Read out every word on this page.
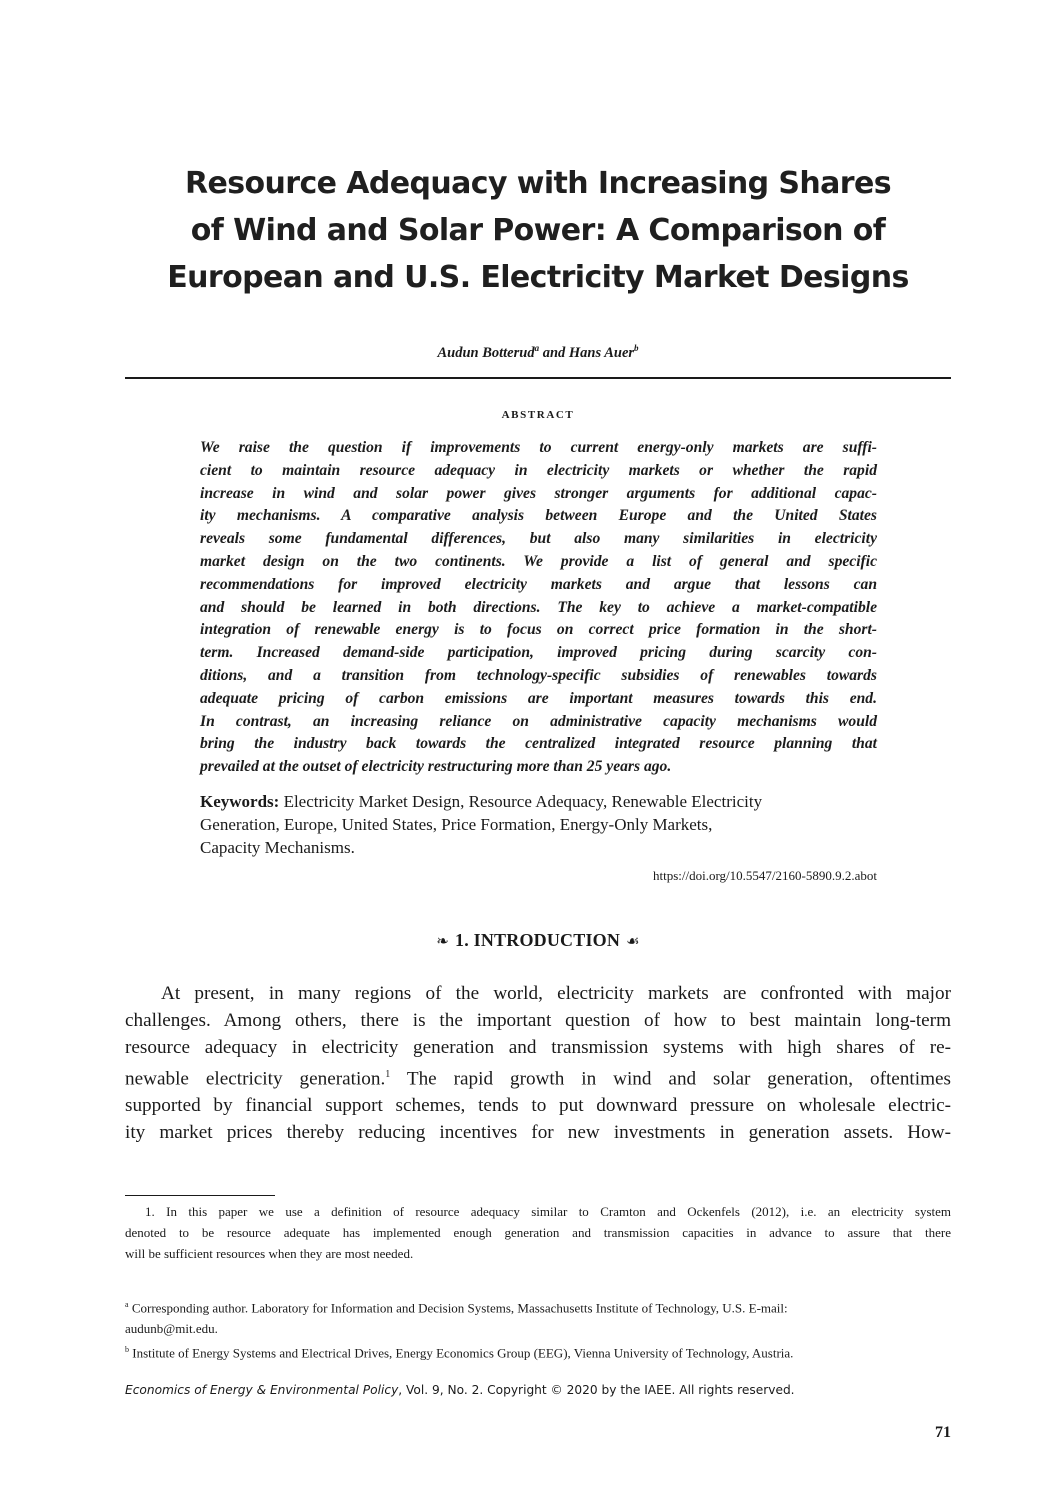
Resource Adequacy with Increasing Shares
of Wind and Solar Power: A Comparison of
European and U.S. Electricity Market Designs
Audun Botterud$^a$ and Hans Auer$^b$
ABSTRACT
We raise the question if improvements to current energy-only markets are suffi-
cient to maintain resource adequacy in electricity markets or whether the rapid
increase in wind and solar power gives stronger arguments for additional capac-
ity mechanisms. A comparative analysis between Europe and the United States
reveals some fundamental differences, but also many similarities in electricity
market design on the two continents. We provide a list of general and specific
recommendations for improved electricity markets and argue that lessons can
and should be learned in both directions. The key to achieve a market-compatible
integration of renewable energy is to focus on correct price formation in the short-
term. Increased demand-side participation, improved pricing during scarcity con-
ditions, and a transition from technology-specific subsidies of renewables towards
adequate pricing of carbon emissions are important measures towards this end.
In contrast, an increasing reliance on administrative capacity mechanisms would
bring the industry back towards the centralized integrated resource planning that
prevailed at the outset of electricity restructuring more than 25 years ago.
Keywords: Electricity Market Design, Resource Adequacy, Renewable Electricity
Generation, Europe, United States, Price Formation, Energy-Only Markets,
Capacity Mechanisms.
https://doi.org/10.5547/2160-5890.9.2.abot
❧ 1. INTRODUCTION ☙
At present, in many regions of the world, electricity markets are confronted with major
challenges. Among others, there is the important question of how to best maintain long-term
resource adequacy in electricity generation and transmission systems with high shares of re-
newable electricity generation.$^1$ The rapid growth in wind and solar generation, oftentimes
supported by financial support schemes, tends to put downward pressure on wholesale electric-
ity market prices thereby reducing incentives for new investments in generation assets. How-
1. In this paper we use a definition of resource adequacy similar to Cramton and Ockenfels (2012), i.e. an electricity system
denoted to be resource adequate has implemented enough generation and transmission capacities in advance to assure that there
will be sufficient resources when they are most needed.
$^a$ Corresponding author. Laboratory for Information and Decision Systems, Massachusetts Institute of Technology, U.S. E-mail:
audunb@mit.edu.
$^b$ Institute of Energy Systems and Electrical Drives, Energy Economics Group (EEG), Vienna University of Technology, Austria.
Economics of Energy & Environmental Policy, Vol. 9, No. 2. Copyright © 2020 by the IAEE. All rights reserved.
71
